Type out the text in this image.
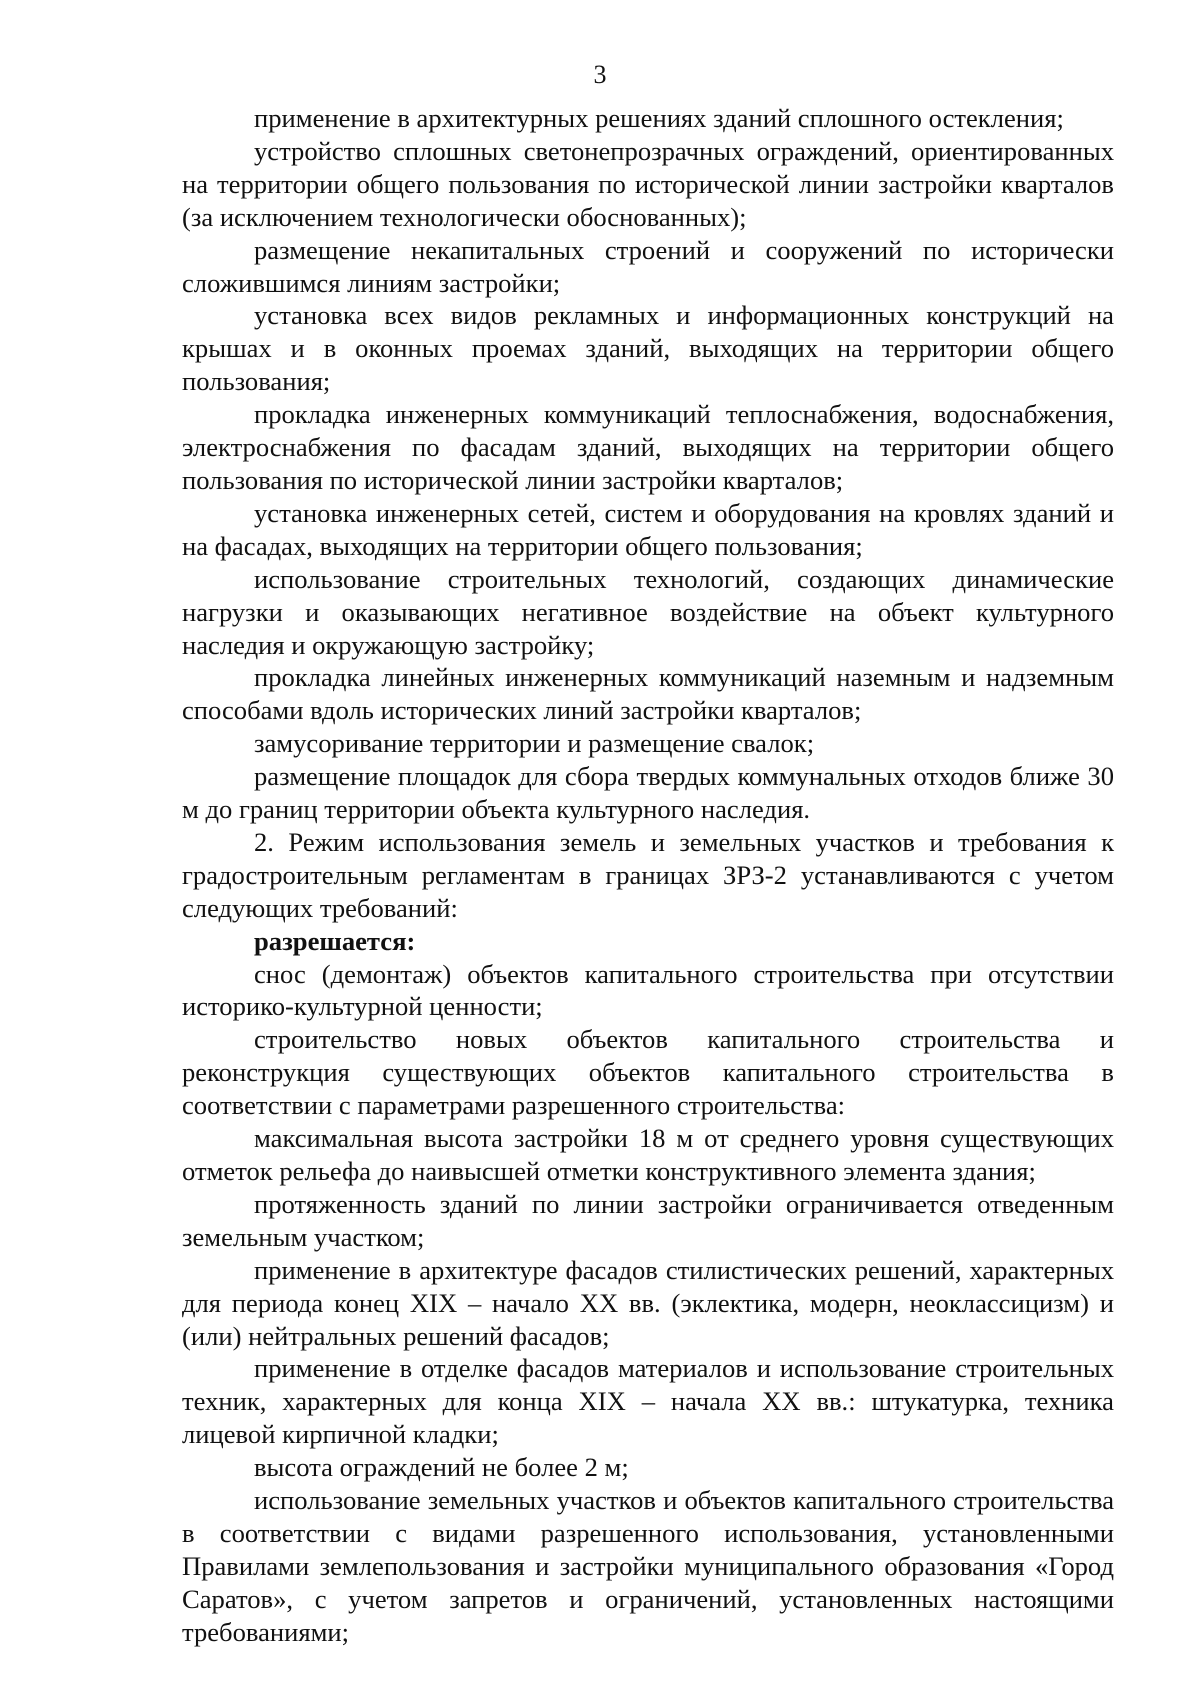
3

применение в архитектурных решениях зданий сплошного остекления;

устройство сплошных светонепрозрачных ограждений, ориентированных на территории общего пользования по исторической линии застройки кварталов (за исключением технологически обоснованных);

размещение некапитальных строений и сооружений по исторически сложившимся линиям застройки;

установка всех видов рекламных и информационных конструкций на крышах и в оконных проемах зданий, выходящих на территории общего пользования;

прокладка инженерных коммуникаций теплоснабжения, водоснабжения, электроснабжения по фасадам зданий, выходящих на территории общего пользования по исторической линии застройки кварталов;

установка инженерных сетей, систем и оборудования на кровлях зданий и на фасадах, выходящих на территории общего пользования;

использование строительных технологий, создающих динамические нагрузки и оказывающих негативное воздействие на объект культурного наследия и окружающую застройку;

прокладка линейных инженерных коммуникаций наземным и надземным способами вдоль исторических линий застройки кварталов;

замусоривание территории и размещение свалок;

размещение площадок для сбора твердых коммунальных отходов ближе 30 м до границ территории объекта культурного наследия.

2. Режим использования земель и земельных участков и требования к градостроительным регламентам в границах ЗРЗ-2 устанавливаются с учетом следующих требований:

разрешается:

снос (демонтаж) объектов капитального строительства при отсутствии историко-культурной ценности;

строительство новых объектов капитального строительства и реконструкция существующих объектов капитального строительства в соответствии с параметрами разрешенного строительства:

максимальная высота застройки 18 м от среднего уровня существующих отметок рельефа до наивысшей отметки конструктивного элемента здания;

протяженность зданий по линии застройки ограничивается отведенным земельным участком;

применение в архитектуре фасадов стилистических решений, характерных для периода конец XIX – начало XX вв. (эклектика, модерн, неоклассицизм) и (или) нейтральных решений фасадов;

применение в отделке фасадов материалов и использование строительных техник, характерных для конца XIX – начала XX вв.: штукатурка, техника лицевой кирпичной кладки;

высота ограждений не более 2 м;

использование земельных участков и объектов капитального строительства в соответствии с видами разрешенного использования, установленными Правилами землепользования и застройки муниципального образования «Город Саратов», с учетом запретов и ограничений, установленных настоящими требованиями;
